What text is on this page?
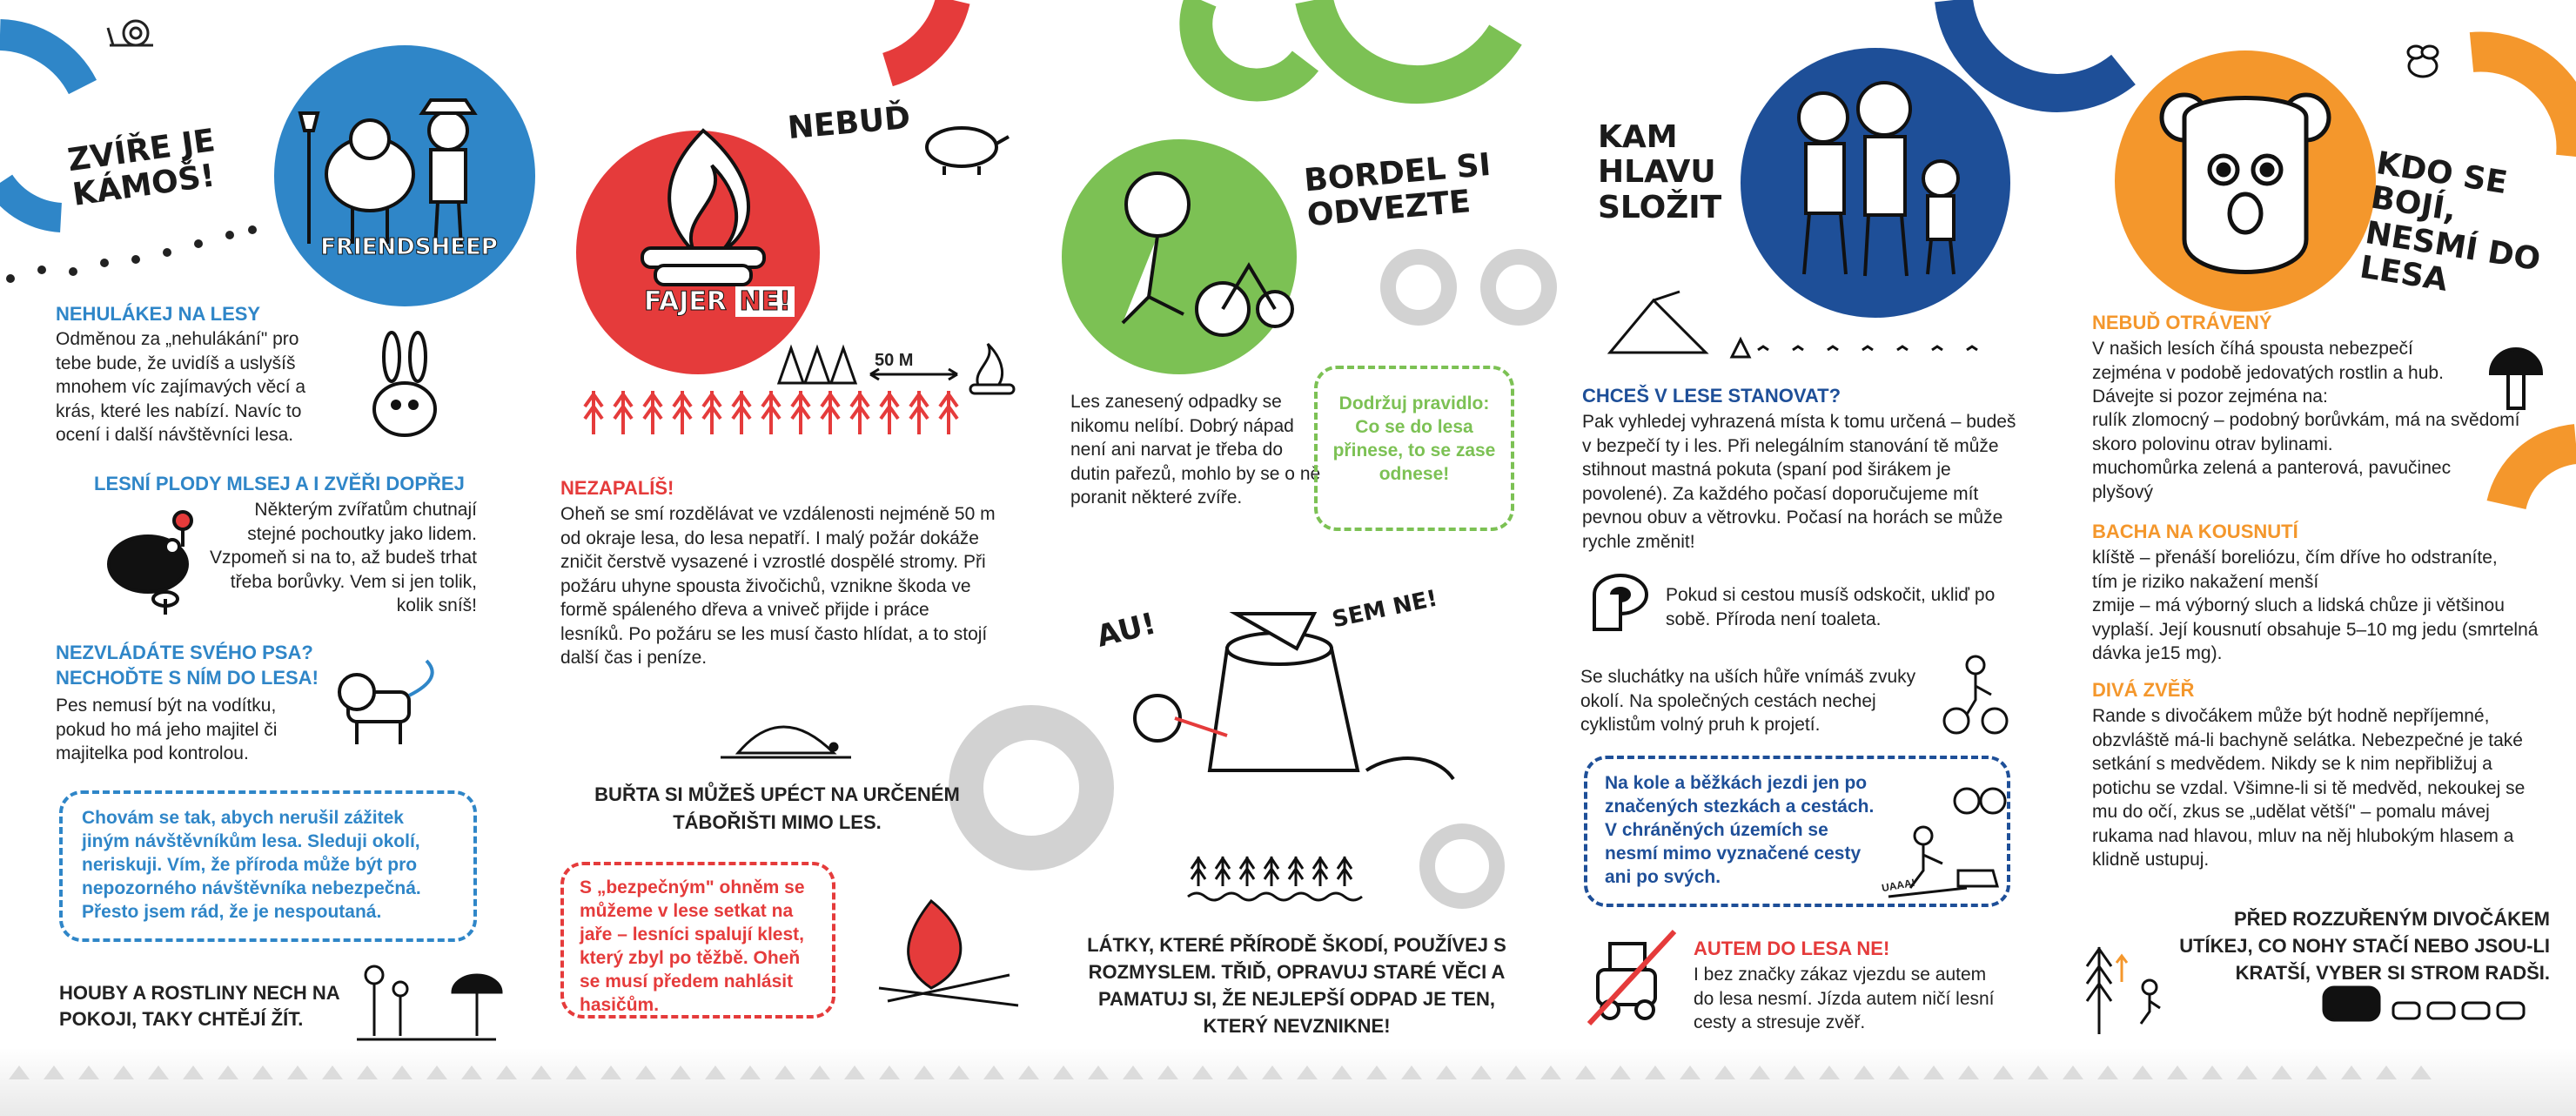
ZVÍŘE JE KÁMOŠ!
FRIENDSHEEP
NEHULÁKEJ NA LESY
Odměnou za „nehulákání" pro tebe bude, že uvidíš a uslyšíš mnohem víc zajímavých věcí a krás, které les nabízí. Navíc to ocení i další návštěvníci lesa.
LESNÍ PLODY MLSEJ A I ZVĚŘI DOPŘEJ
Některým zvířatům chutnají stejné pochoutky jako lidem. Vzpomeň si na to, až budeš trhat třeba borůvky. Vem si jen tolik, kolik sníš!
NEZVLÁDÁTE SVÉHO PSA? NECHOĎTE S NÍM DO LESA!
Pes nemusí být na vodítku, pokud ho má jeho majitel či majitelka pod kontrolou.
Chovám se tak, abych nerušil zážitek jiným návštěvníkům lesa. Sleduji okolí, neriskuji. Vím, že příroda může být pro nepozorného návštěvníka nebezpečná. Přesto jsem rád, že je nespoutaná.
HOUBY A ROSTLINY NECH NA POKOJI, TAKY CHTĚJÍ ŽÍT.
FAJER NE!
NEBUĎ
50 M
NEZAPALÍŠ!
Oheň se smí rozdělávat ve vzdálenosti nejméně 50 m od okraje lesa, do lesa nepatří. I malý požár dokáže zničit čerstvě vysazené i vzrostlé dospělé stromy. Při požáru uhyne spousta živočichů, vznikne škoda ve formě spáleného dřeva a vniveč přijde i práce lesníků. Po požáru se les musí často hlídat, a to stojí další čas i peníze.
BUŘTA SI MŮŽEŠ UPÉCT NA URČENÉM TÁBOŘIŠTI MIMO LES.
S „bezpečným" ohněm se můžeme v lese setkat na jaře – lesníci spalují klest, který zbyl po těžbě. Oheň se musí předem nahlásit hasičům.
BORDEL SI ODVEZTE
Les zanesený odpadky se nikomu nelíbí. Dobrý nápad není ani narvat je třeba do dutin pařezů, mohlo by se o ně poranit některé zvíře.
Dodržuj pravidlo: Co se do lesa přinese, to se zase odnese!
AU!	SEM NE!
LÁTKY, KTERÉ PŘÍRODĚ ŠKODÍ, POUŽÍVEJ S ROZMYSLEM. TŘIĎ, OPRAVUJ STARÉ VĚCI A PAMATUJ SI, ŽE NEJLEPŠÍ ODPAD JE TEN, KTERÝ NEVZNIKNE!
KAM HLAVU SLOŽIT
CHCEŠ V LESE STANOVAT?
Pak vyhledej vyhrazená místa k tomu určená – budeš v bezpečí ty i les. Při nelegálním stanování tě může stihnout mastná pokuta (spaní pod širákem je povolené). Za každého počasí doporučujeme mít pevnou obuv a větrovku. Počasí na horách se může rychle změnit!
Pokud si cestou musíš odskočit, ukliď po sobě. Příroda není toaleta.
Se sluchátky na uších hůře vnímáš zvuky okolí. Na společných cestách nechej cyklistům volný pruh k projetí.
Na kole a běžkách jezdi jen po značených stezkách a cestách. V chráněných územích se nesmí mimo vyznačené cesty ani po svých.	UAAA!
AUTEM DO LESA NE!
I bez značky zákaz vjezdu se autem do lesa nesmí. Jízda autem ničí lesní cesty a stresuje zvěř.
KDO SE BOJÍ, NESMÍ DO LESA
NEBUĎ OTRÁVENÝ
V našich lesích číhá spousta nebezpečí zejména v podobě jedovatých rostlin a hub. Dávejte si pozor zejména na:
rulík zlomocný – podobný borůvkám, má na svědomí skoro polovinu otrav bylinami.
muchomůrka zelená a panterová, pavučinec plyšový
BACHA NA KOUSNUTÍ
klíště – přenáší boreliózu, čím dříve ho odstraníte, tím je riziko nakažení menší
zmije – má výborný sluch a lidská chůze ji většinou vyplaší. Její kousnutí obsahuje 5–10 mg jedu (smrtelná dávka je15 mg).
DIVÁ ZVĚŘ
Rande s divočákem může být hodně nepříjemné, obzvláště má-li bachyně selátka. Nebezpečné je také setkání s medvědem. Nikdy se k nim nepřibližuj a potichu se vzdal. Všimne-li si tě medvěd, nekoukej se mu do očí, zkus se „udělat větší" – pomalu mávej rukama nad hlavou, mluv na něj hlubokým hlasem a klidně ustupuj.
PŘED ROZZUŘENÝM DIVOČÁKEM UTÍKEJ, CO NOHY STAČÍ NEBO JSOU-LI KRATŠÍ, VYBER SI STROM RADŠI.
